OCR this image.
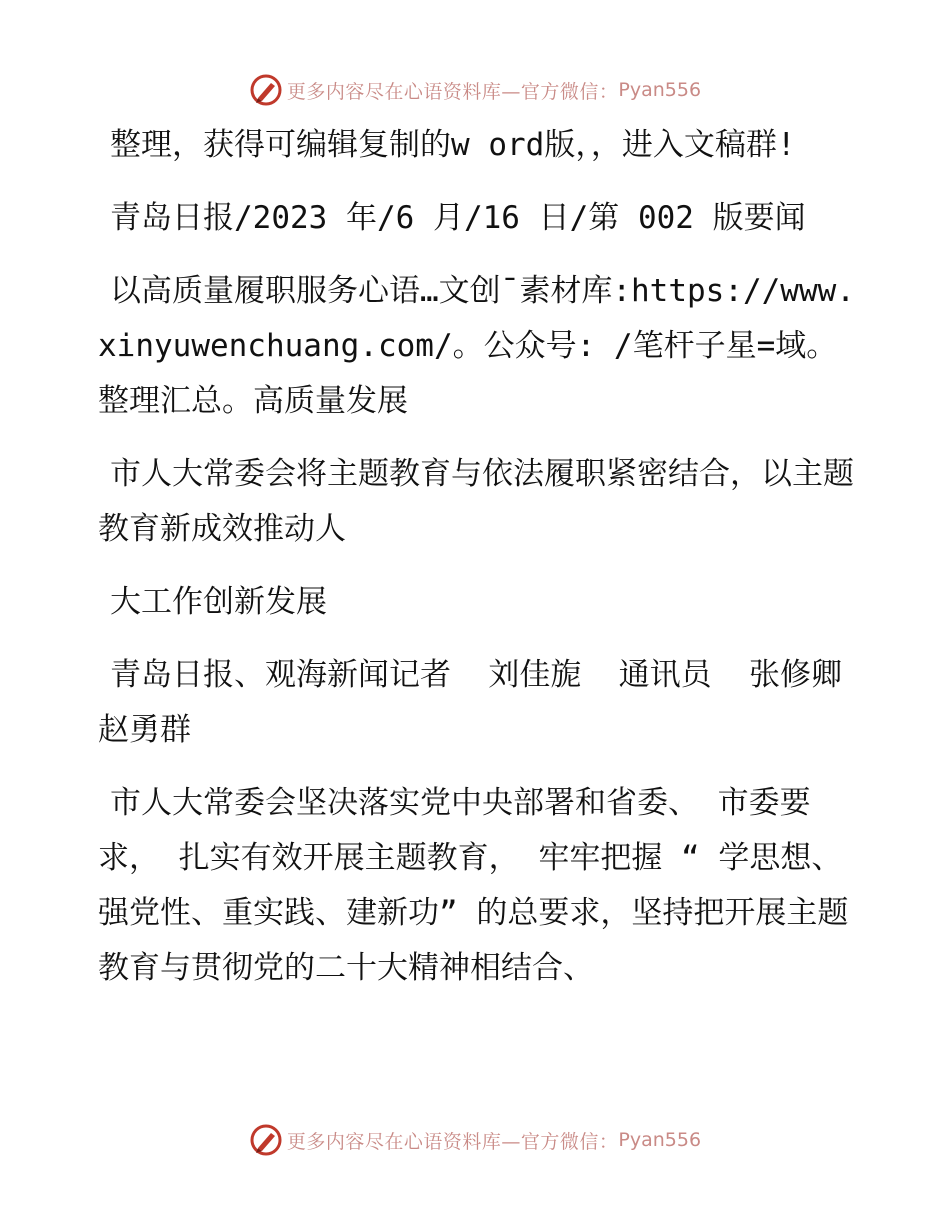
更多内容尽在心语资料库—官方微信： Pyan556

整理，获得可编辑复制的w ord版，，进入文稿群!

青岛日报/2023 年/6 月/16 日/第 002 版要闻

以高质量履职服务心语…文创¯素材库:https://www.xinyuwenchuang.com/。公众号: /笔杆子星=域。整理汇总。高质量发展

市人大常委会将主题教育与依法履职紧密结合，以主题教育新成效推动人

大工作创新发展

青岛日报、观海新闻记者  刘佳旎  通讯员  张修卿  赵勇群

市人大常委会坚决落实党中央部署和省委、 市委要求， 扎实有效开展主题教育， 牢牢把握 “ 学思想、强党性、重实践、建新功” 的总要求，坚持把开展主题教育与贯彻党的二十大精神相结合、

更多内容尽在心语资料库—官方微信： Pyan556
